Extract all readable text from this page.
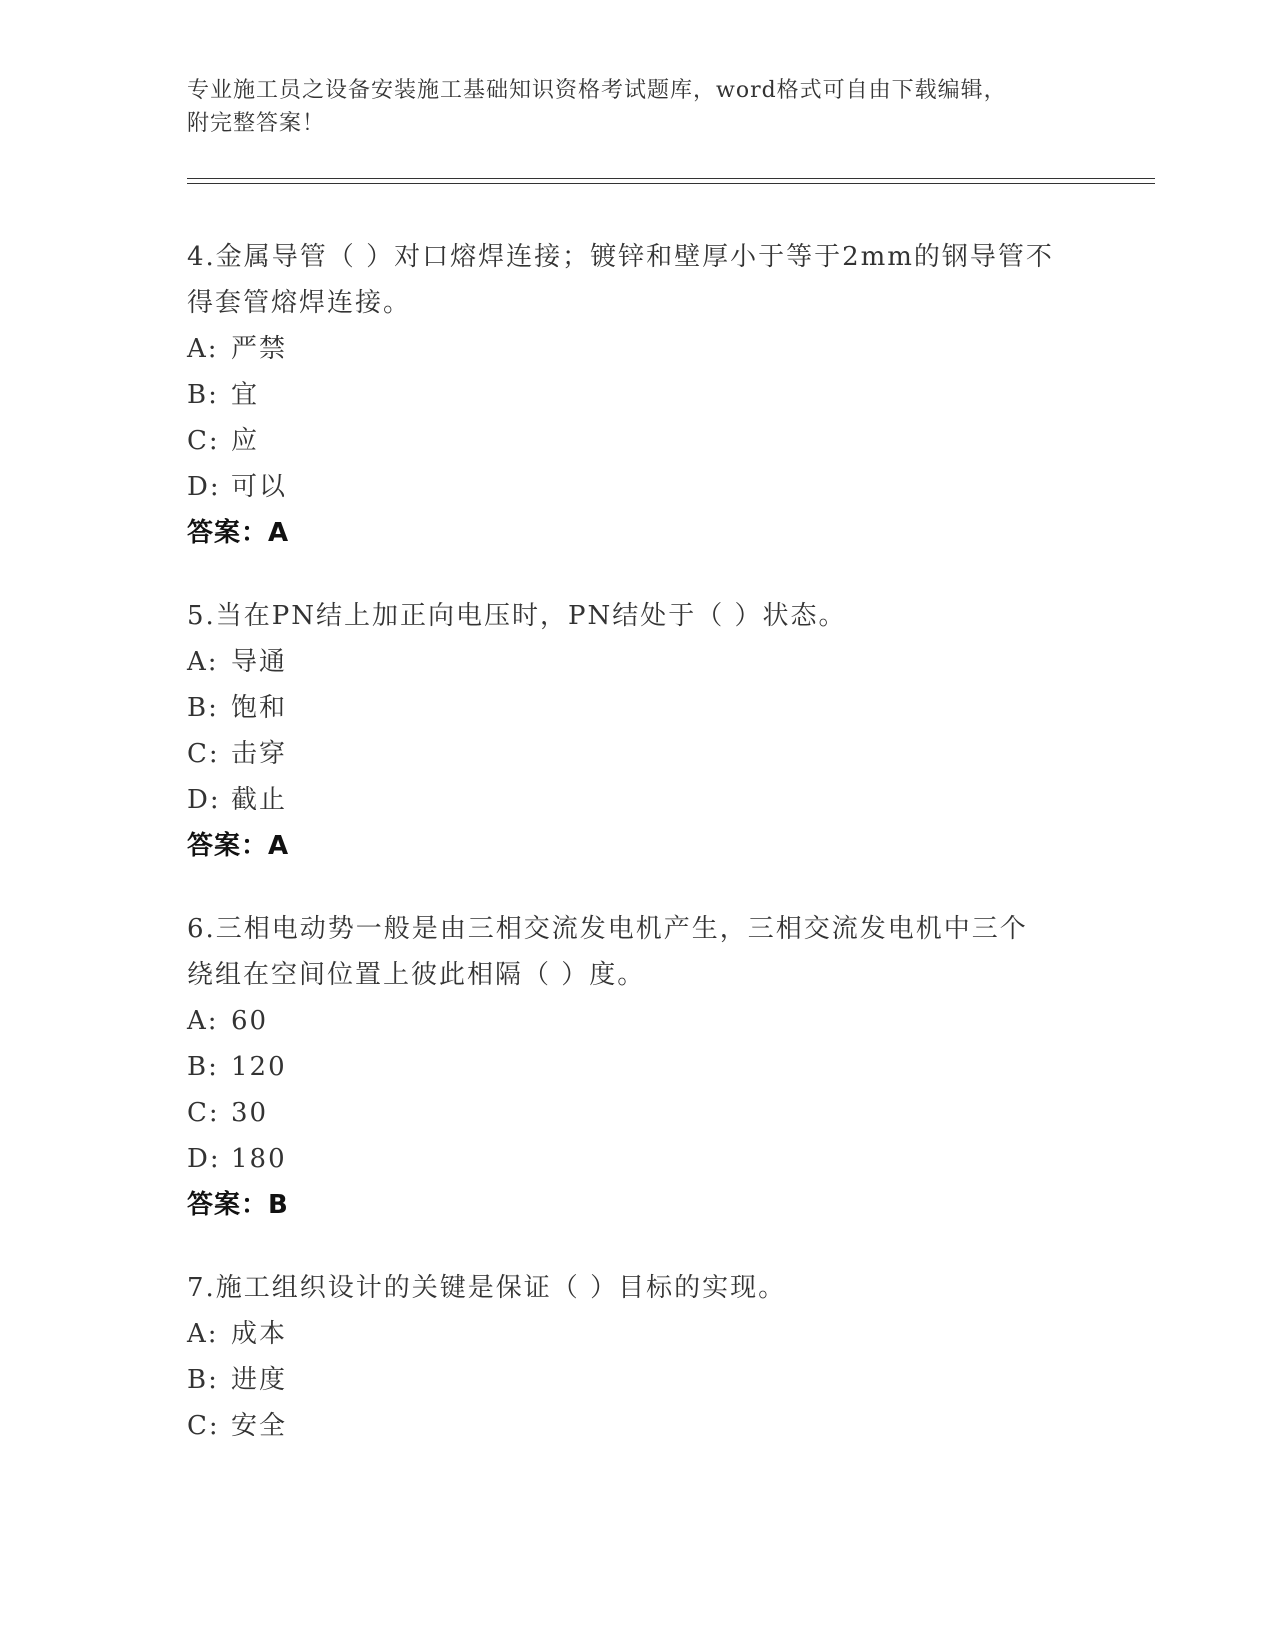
专业施工员之设备安装施工基础知识资格考试题库，word格式可自由下载编辑，
附完整答案！
4.金属导管（ ）对口熔焊连接；镀锌和壁厚小于等于2mm的钢导管不
得套管熔焊连接。
A: 严禁
B: 宜
C: 应
D: 可以
答案：A
5.当在PN结上加正向电压时，PN结处于（ ）状态。
A: 导通
B: 饱和
C: 击穿
D: 截止
答案：A
6.三相电动势一般是由三相交流发电机产生，三相交流发电机中三个
绕组在空间位置上彼此相隔（ ）度。
A: 60
B: 120
C: 30
D: 180
答案：B
7.施工组织设计的关键是保证（ ）目标的实现。
A: 成本
B: 进度
C: 安全
